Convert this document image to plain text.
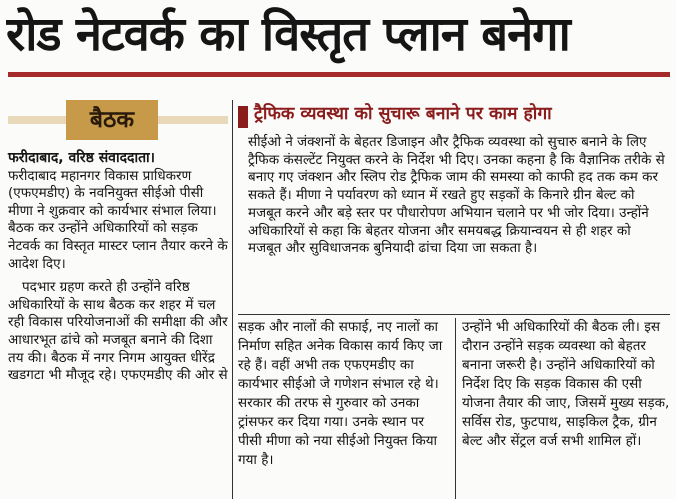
रोड नेटवर्क का विस्तृत प्लान बनेगा
बैठक

फरीदाबाद, वरिष्ठ संवाददाता।

फरीदाबाद महानगर विकास प्राधिकरण (एफएमडीए) के नवनियुक्त सीईओ पीसी मीणा ने शुक्रवार को कार्यभार संभाल लिया। बैठक कर उन्होंने अधिकारियों को सड़क नेटवर्क का विस्तृत मास्टर प्लान तैयार करने के आदेश दिए।

पदभार ग्रहण करते ही उन्होंने वरिष्ठ अधिकारियों के साथ बैठक कर शहर में चल रही विकास परियोजनाओं की समीक्षा की और आधारभूत ढांचे को मजबूत बनाने की दिशा तय की। बैठक में नगर निगम आयुक्त धीरेंद्र खडगटा भी मौजूद रहे। एफएमडीए की ओर से

ट्रैफिक व्यवस्था को सुचारू बनाने पर काम होगा
सीईओ ने जंक्शनों के बेहतर डिजाइन और ट्रैफिक व्यवस्था को सुचारु बनाने के लिए ट्रैफिक कंसल्टेंट नियुक्त करने के निर्देश भी दिए। उनका कहना है कि वैज्ञानिक तरीके से बनाए गए जंक्शन और स्लिप रोड ट्रैफिक जाम की समस्या को काफी हद तक कम कर सकते हैं। मीणा ने पर्यावरण को ध्यान में रखते हुए सड़कों के किनारे ग्रीन बेल्ट को मजबूत करने और बड़े स्तर पर पौधारोपण अभियान चलाने पर भी जोर दिया। उन्होंने अधिकारियों से कहा कि बेहतर योजना और समयबद्ध क्रियान्वयन से ही शहर को मजबूत और सुविधाजनक बुनियादी ढांचा दिया जा सकता है।

सड़क और नालों की सफाई, नए नालों का निर्माण सहित अनेक विकास कार्य किए जा रहे हैं। वहीं अभी तक एफएमडीए का कार्यभार सीईओ जे गणेशन संभाल रहे थे। सरकार की तरफ से गुरुवार को उनका ट्रांसफर कर दिया गया। उनके स्थान पर पीसी मीणा को नया सीईओ नियुक्त किया गया है।

उन्होंने भी अधिकारियों की बैठक ली। इस दौरान उन्होंने सड़क व्यवस्था को बेहतर बनाना जरूरी है। उन्होंने अधिकारियों को निर्देश दिए कि सड़क विकास की एसी योजना तैयार की जाए, जिसमें मुख्य सड़क, सर्विस रोड, फुटपाथ, साइकिल ट्रैक, ग्रीन बेल्ट और सेंट्रल वर्ज सभी शामिल हों।
